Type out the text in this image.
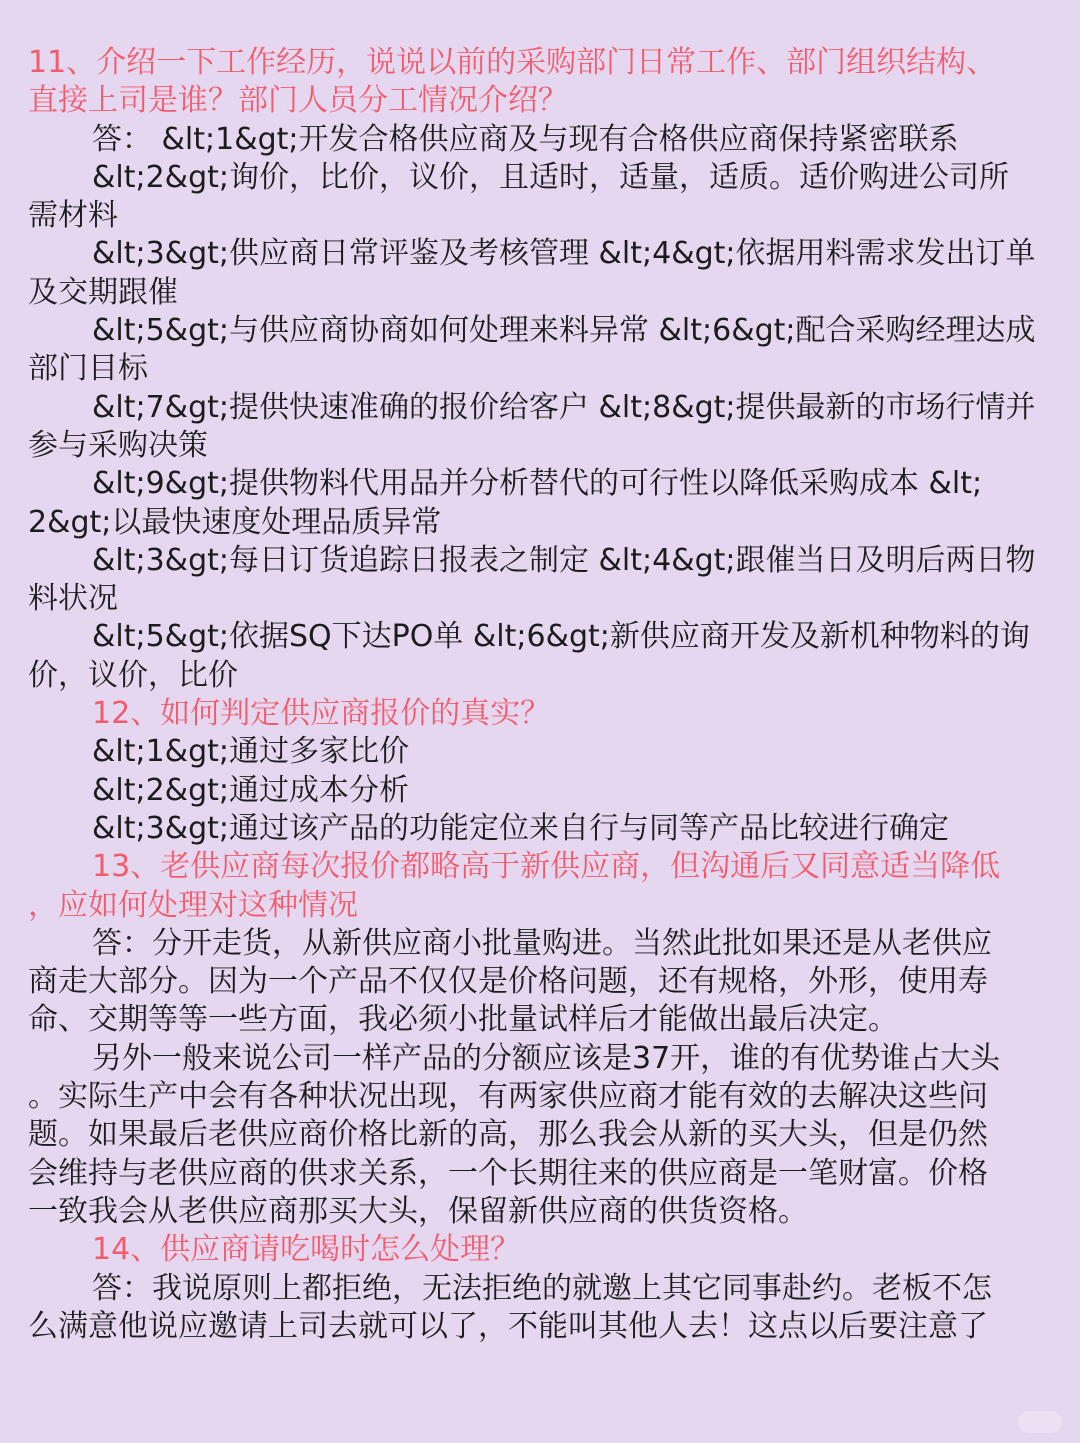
11、介绍一下工作经历，说说以前的采购部门日常工作、部门组织结构、
直接上司是谁？部门人员分工情况介绍？
答： &lt;1&gt;开发合格供应商及与现有合格供应商保持紧密联系
&lt;2&gt;询价，比价，议价，且适时，适量，适质。适价购进公司所
需材料
&lt;3&gt;供应商日常评鉴及考核管理 &lt;4&gt;依据用料需求发出订单
及交期跟催
&lt;5&gt;与供应商协商如何处理来料异常 &lt;6&gt;配合采购经理达成
部门目标
&lt;7&gt;提供快速准确的报价给客户 &lt;8&gt;提供最新的市场行情并
参与采购决策
&lt;9&gt;提供物料代用品并分析替代的可行性以降低采购成本 &lt;
2&gt;以最快速度处理品质异常
&lt;3&gt;每日订货追踪日报表之制定 &lt;4&gt;跟催当日及明后两日物
料状况
&lt;5&gt;依据SQ下达PO单 &lt;6&gt;新供应商开发及新机种物料的询
价，议价，比价
12、如何判定供应商报价的真实？
&lt;1&gt;通过多家比价
&lt;2&gt;通过成本分析
&lt;3&gt;通过该产品的功能定位来自行与同等产品比较进行确定
13、老供应商每次报价都略高于新供应商，但沟通后又同意适当降低
，应如何处理对这种情况
答：分开走货，从新供应商小批量购进。当然此批如果还是从老供应
商走大部分。因为一个产品不仅仅是价格问题，还有规格，外形，使用寿
命、交期等等一些方面，我必须小批量试样后才能做出最后决定。
另外一般来说公司一样产品的分额应该是37开，谁的有优势谁占大头
。实际生产中会有各种状况出现，有两家供应商才能有效的去解决这些问
题。如果最后老供应商价格比新的高，那么我会从新的买大头，但是仍然
会维持与老供应商的供求关系，一个长期往来的供应商是一笔财富。价格
一致我会从老供应商那买大头，保留新供应商的供货资格。
14、供应商请吃喝时怎么处理？
答：我说原则上都拒绝，无法拒绝的就邀上其它同事赴约。老板不怎
么满意他说应邀请上司去就可以了，不能叫其他人去！这点以后要注意了
